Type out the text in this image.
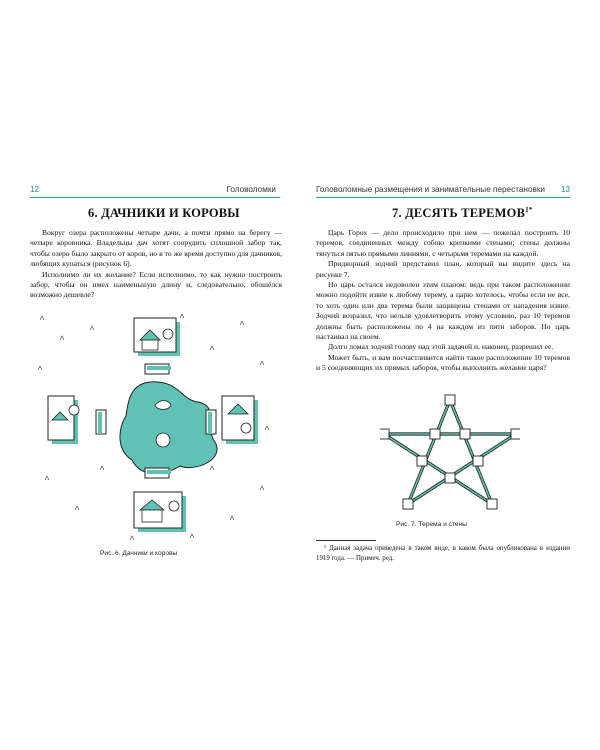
12	Головоломки
6. ДАЧНИКИ И КОРОВЫ

Вокруг озера расположены четыре дачи, а почти прямо на берегу — четыре коровника. Владельцы дач хотят соорудить сплошной забор так, чтобы озеро было закрыто от коров, но в то же время доступно для дачников, любящих купаться (рисунок 6).

Исполнимо ли их желание? Если исполнимо, то как нужно построить забор, чтобы он имел наименьшую длину и, следовательно, обошёлся возможно дешевле?

Рис. 6. Дачники и коровы
Головоломные размещения и занимательные перестановки 13
7. ДЕСЯТЬ $ТЕРЕМОВ^{1*}$

Царь Горох — дело происходило при нем — пожелал построить 10 теремов, соединенных между собою крепкими стенами; стены должны тянуться пятью прямыми линиями, с четырьмя теремами на каждой.

Придворный зодчий представил план, который вы видите здесь на рисунке 7.

Но царь остался недоволен этим планом: ведь при таком расположении можно подойти извне к любому терему, а царю хотелось, чтобы если не все, то хоть один или два терема были защищены стенами от нападения извне. Зодчий возразил, что нельзя удовлетворить этому условию, раз 10 теремов должны быть расположены по 4 на каждом из пяти заборов. Но царь настаивал на своем.

Долго ломал зодчий голову над этой задачей и, наконец, разрешил ее.

Может быть, и вам посчастливится найти такое расположение 10 теремов и 5 соединяющих их прямых заборов, чтобы выполнить желание царя?

Рис. 7. Терема и стены

¹ Данная задача приведена в таком виде, в каком была опубликована в издании 1919 года. — Примеч. ред.
